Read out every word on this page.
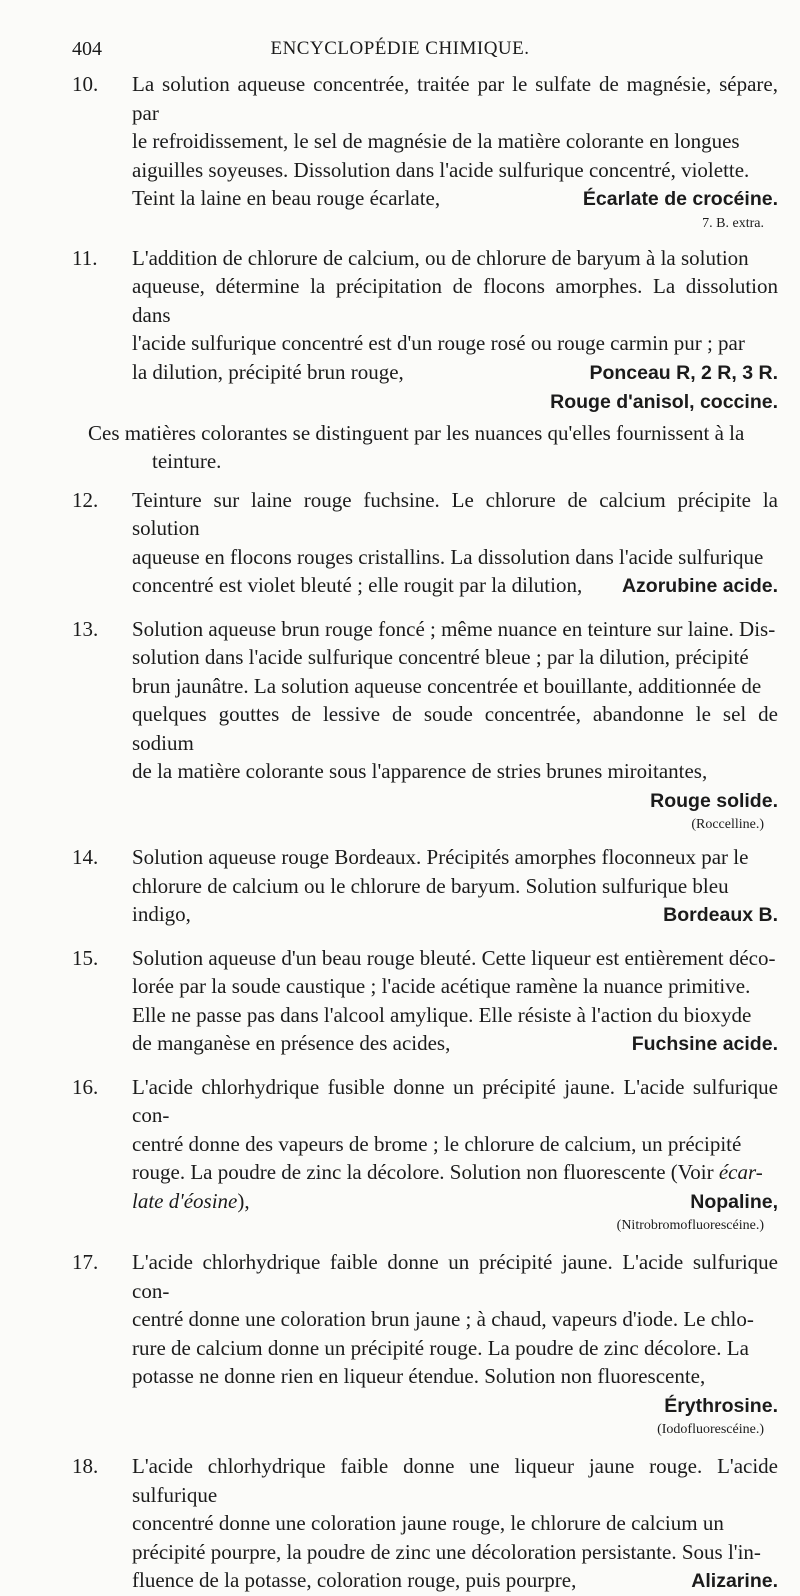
404	ENCYCLOPÉDIE CHIMIQUE.
10. La solution aqueuse concentrée, traitée par le sulfate de magnésie, sépare, par
le refroidissement, le sel de magnésie de la matière colorante en longues
aiguilles soyeuses. Dissolution dans l'acide sulfurique concentré, violette.
Teint la laine en beau rouge écarlate,	Écarlate de crocéine.
7. B. extra.
11. L'addition de chlorure de calcium, ou de chlorure de baryum à la solution
aqueuse, détermine la précipitation de flocons amorphes. La dissolution dans
l'acide sulfurique concentré est d'un rouge rosé ou rouge carmin pur ; par
la dilution, précipité brun rouge,	Ponceau R, 2 R, 3 R.
Rouge d'anisol, coccine.
Ces matières colorantes se distinguent par les nuances qu'elles fournissent à la
teinture.
12. Teinture sur laine rouge fuchsine. Le chlorure de calcium précipite la solution
aqueuse en flocons rouges cristallins. La dissolution dans l'acide sulfurique
concentré est violet bleuté ; elle rougit par la dilution,	Azorubine acide.
13. Solution aqueuse brun rouge foncé ; même nuance en teinture sur laine. Dis-
solution dans l'acide sulfurique concentré bleue ; par la dilution, précipité
brun jaunâtre. La solution aqueuse concentrée et bouillante, additionnée de
quelques gouttes de lessive de soude concentrée, abandonne le sel de sodium
de la matière colorante sous l'apparence de stries brunes miroitantes,
Rouge solide.
(Roccelline.)
14. Solution aqueuse rouge Bordeaux. Précipités amorphes floconneux par le
chlorure de calcium ou le chlorure de baryum. Solution sulfurique bleu
indigo,	Bordeaux B.
15. Solution aqueuse d'un beau rouge bleuté. Cette liqueur est entièrement déco-
lorée par la soude caustique ; l'acide acétique ramène la nuance primitive.
Elle ne passe pas dans l'alcool amylique. Elle résiste à l'action du bioxyde
de manganèse en présence des acides,	Fuchsine acide.
16. L'acide chlorhydrique fusible donne un précipité jaune. L'acide sulfurique con-
centré donne des vapeurs de brome ; le chlorure de calcium, un précipité
rouge. La poudre de zinc la décolore. Solution non fluorescente (Voir écar-
late d'éosine),	Nopaline,
(Nitrobromofluorescéine.)
17. L'acide chlorhydrique faible donne un précipité jaune. L'acide sulfurique con-
centré donne une coloration brun jaune ; à chaud, vapeurs d'iode. Le chlo-
rure de calcium donne un précipité rouge. La poudre de zinc décolore. La
potasse ne donne rien en liqueur étendue. Solution non fluorescente,
Érythrosine.
(Iodofluorescéine.)
18. L'acide chlorhydrique faible donne une liqueur jaune rouge. L'acide sulfurique
concentré donne une coloration jaune rouge, le chlorure de calcium un
précipité pourpre, la poudre de zinc une décoloration persistante. Sous l'in-
fluence de la potasse, coloration rouge, puis pourpre,	Alizarine.
